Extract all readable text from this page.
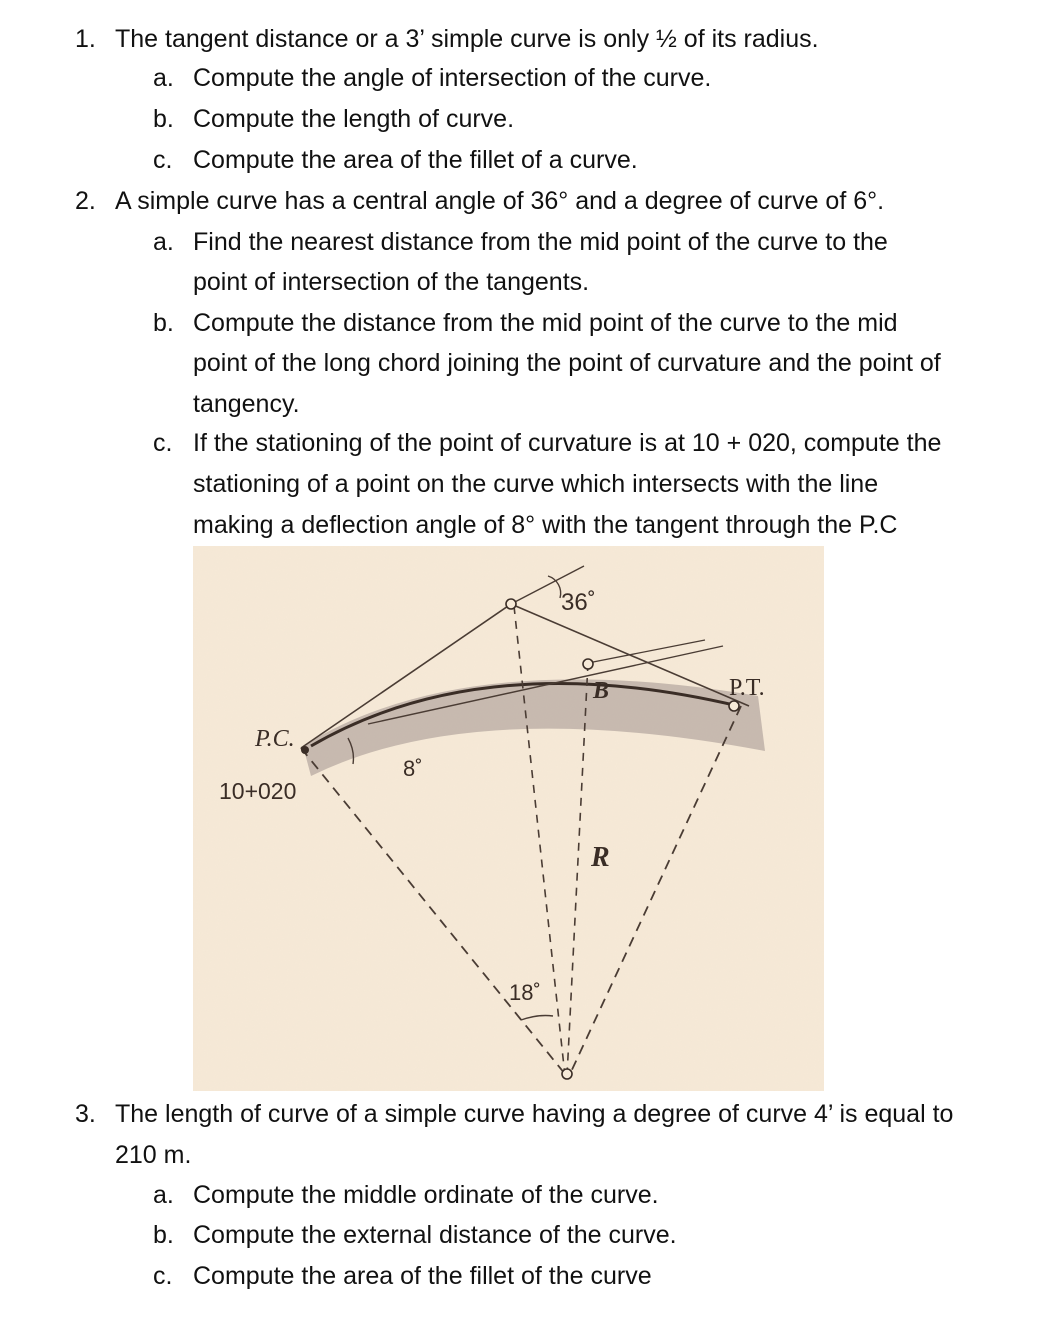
1. The tangent distance or a 3’ simple curve is only ½ of its radius.
a. Compute the angle of intersection of the curve.
b. Compute the length of curve.
c. Compute the area of the fillet of a curve.
2. A simple curve has a central angle of 36° and a degree of curve of 6°.
a. Find the nearest distance from the mid point of the curve to the
point of intersection of the tangents.
b. Compute the distance from the mid point of the curve to the mid
point of the long chord joining the point of curvature and the point of
tangency.
c. If the stationing of the point of curvature is at 10 + 020, compute the
stationing of a point on the curve which intersects with the line
making a deflection angle of 8° with the tangent through the P.C
36˚
P.C.
10+020
8˚
B	P.T.
R
18˚
3. The length of curve of a simple curve having a degree of curve 4’ is equal to
210 m.
a. Compute the middle ordinate of the curve.
b. Compute the external distance of the curve.
c. Compute the area of the fillet of the curve
